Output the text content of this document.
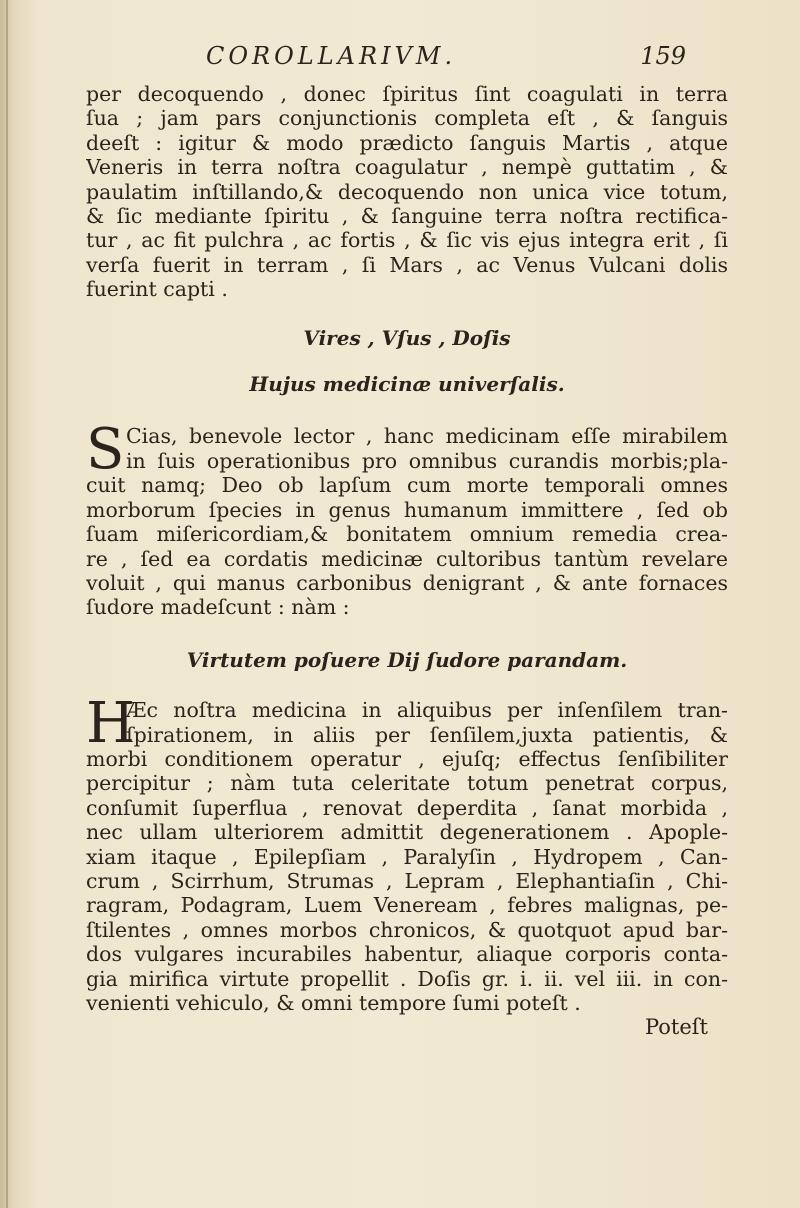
COROLLARIVM.	159

per decoquendo , donec ſpiritus ſint coagulati in terra

ſua ; jam pars conjunctionis completa eſt , & ſanguis

deeſt : igitur & modo prædicto ſanguis Martis , atque

Veneris in terra noſtra coagulatur , nempè guttatim , &

paulatim inſtillando,& decoquendo non unica vice totum,

& ſic mediante ſpiritu , & ſanguine terra noſtra rectifica-

tur , ac fit pulchra , ac fortis , & ſic vis ejus integra erit , ſi

verſa fuerit in terram , ſi Mars , ac Venus Vulcani dolis

fuerint capti .

Vires , Vſus , Doſis
Hujus medicinæ univerſalis.
S Cias, benevole lector , hanc medicinam eſſe mirabilem
in ſuis operationibus pro omnibus curandis morbis;pla-
cuit namq; Deo ob lapſum cum morte temporali omnes
morborum ſpecies in genus humanum immittere , ſed ob
ſuam miſericordiam,& bonitatem omnium remedia crea-
re , ſed ea cordatis medicinæ cultoribus tantùm revelare
voluit , qui manus carbonibus denigrant , & ante fornaces
ſudore madeſcunt : nàm :
Virtutem poſuere Dij ſudore parandam.
H
Æc noſtra medicina in aliquibus per inſenſilem tran-
ſpirationem, in aliis per ſenſilem,juxta patientis, &
morbi conditionem operatur , ejuſq; effectus ſenſibiliter
percipitur ; nàm tuta celeritate totum penetrat corpus,
conſumit ſuperflua , renovat deperdita , ſanat morbida ,
nec ullam ulteriorem admittit degenerationem . Apople-
xiam itaque , Epilepſiam , Paralyſin , Hydropem , Can-
crum , Scirrhum, Strumas , Lepram , Elephantiaſin , Chi-
ragram, Podagram, Luem Veneream , febres malignas, pe-
ſtilentes , omnes morbos chronicos, & quotquot apud bar-
dos vulgares incurabiles habentur, aliaque corporis conta-
gia mirifica virtute propellit . Doſis gr. i. ii. vel iii. in con-
venienti vehiculo, & omni tempore ſumi poteſt .
Poteſt
